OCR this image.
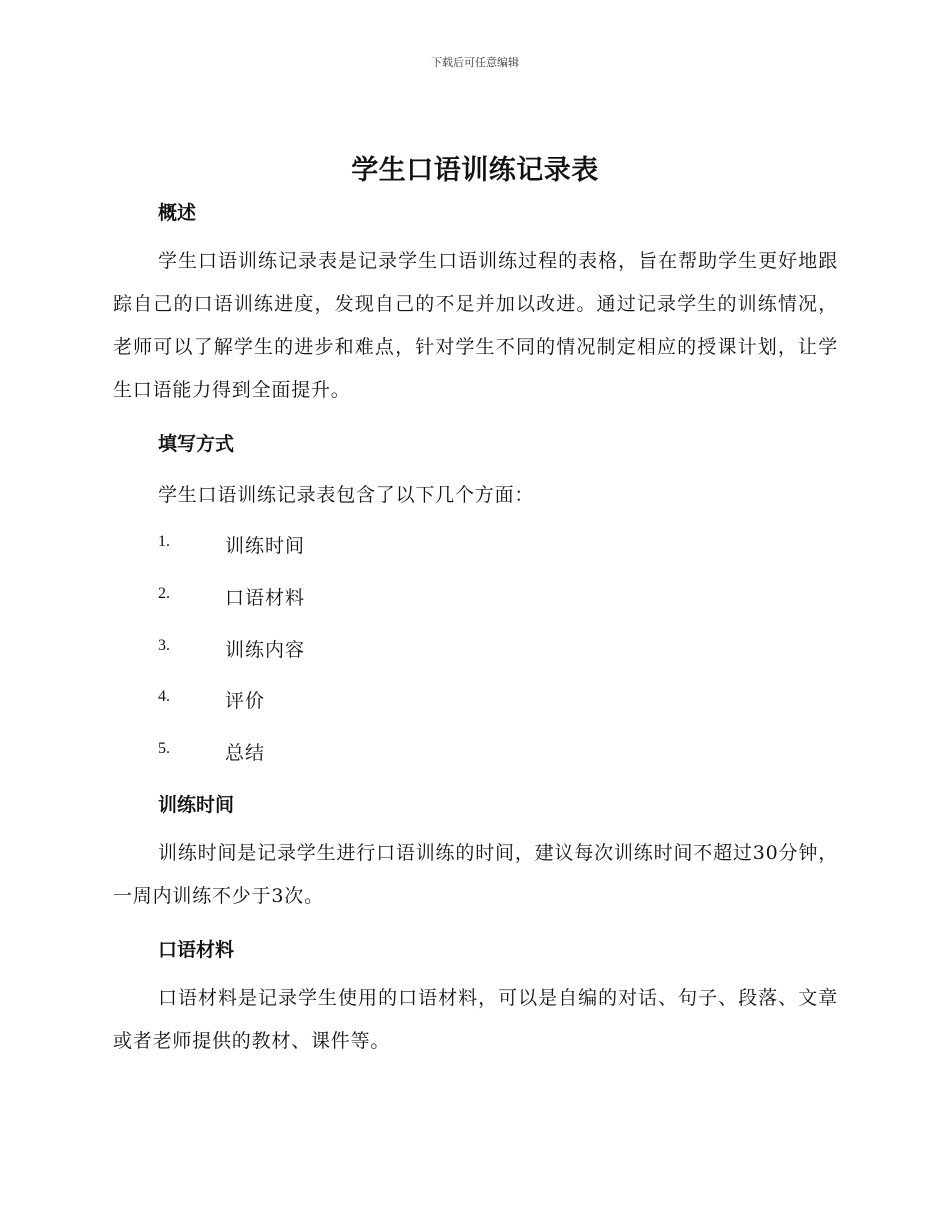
下载后可任意编辑
学生口语训练记录表
概述
学生口语训练记录表是记录学生口语训练过程的表格，旨在帮助学生更好地跟踪自己的口语训练进度，发现自己的不足并加以改进。通过记录学生的训练情况，老师可以了解学生的进步和难点，针对学生不同的情况制定相应的授课计划，让学生口语能力得到全面提升。
填写方式
学生口语训练记录表包含了以下几个方面：
1.	训练时间
2.	口语材料
3.	训练内容
4.	评价
5.	总结
训练时间
训练时间是记录学生进行口语训练的时间，建议每次训练时间不超过30分钟，一周内训练不少于3次。
口语材料
口语材料是记录学生使用的口语材料，可以是自编的对话、句子、段落、文章或者老师提供的教材、课件等。
